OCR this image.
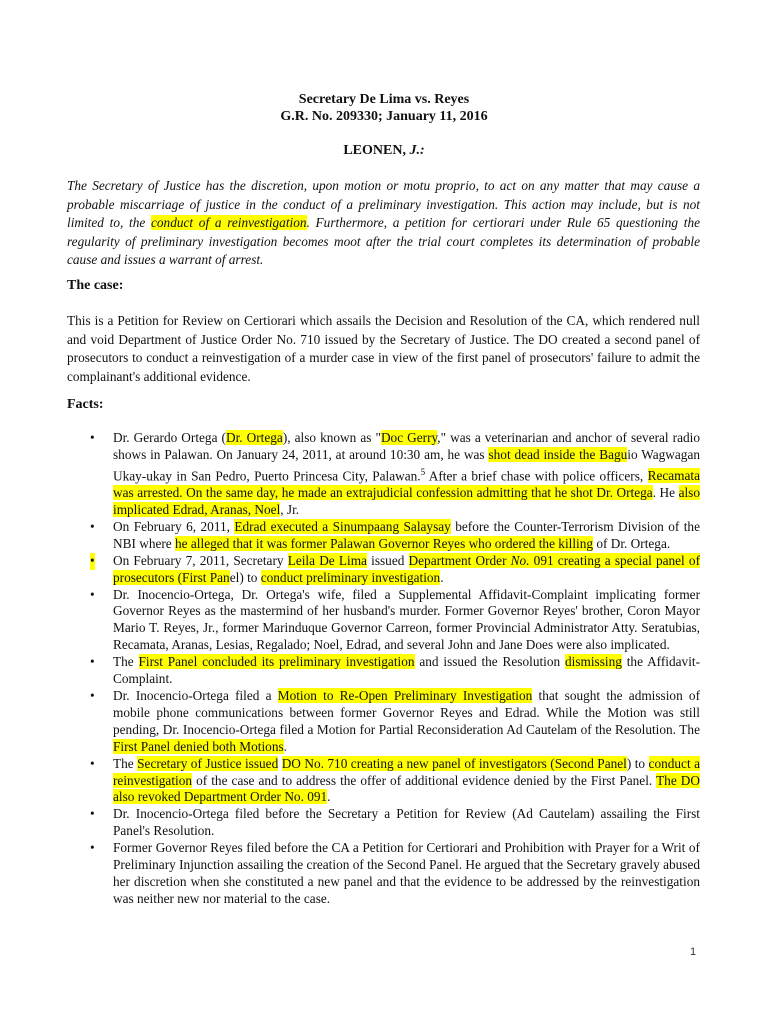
Secretary De Lima vs. Reyes
G.R. No. 209330; January 11, 2016
LEONEN, J.:

The Secretary of Justice has the discretion, upon motion or motu proprio, to act on any matter that may cause a probable miscarriage of justice in the conduct of a preliminary investigation. This action may include, but is not limited to, the conduct of a reinvestigation. Furthermore, a petition for certiorari under Rule 65 questioning the regularity of preliminary investigation becomes moot after the trial court completes its determination of probable cause and issues a warrant of arrest.

The case:

This is a Petition for Review on Certiorari which assails the Decision and Resolution of the CA, which rendered null and void Department of Justice Order No. 710 issued by the Secretary of Justice. The DO created a second panel of prosecutors to conduct a reinvestigation of a murder case in view of the first panel of prosecutors' failure to admit the complainant's additional evidence.

Facts:
• Dr. Gerardo Ortega (Dr. Ortega), also known as "Doc Gerry," was a veterinarian and anchor of several radio shows in Palawan. On January 24, 2011, at around 10:30 am, he was shot dead inside the Baguio Wagwagan Ukay-ukay in San Pedro, Puerto Princesa City, Palawan.$^5$ After a brief chase with police officers, Recamata was arrested. On the same day, he made an extrajudicial confession admitting that he shot Dr. Ortega. He also implicated Edrad, Aranas, Noel, Jr.
• On February 6, 2011, Edrad executed a Sinumpaang Salaysay before the Counter-Terrorism Division of the NBI where he alleged that it was former Palawan Governor Reyes who ordered the killing of Dr. Ortega.
• On February 7, 2011, Secretary Leila De Lima issued Department Order No. 091 creating a special panel of prosecutors (First Panel) to conduct preliminary investigation.
• Dr. Inocencio-Ortega, Dr. Ortega's wife, filed a Supplemental Affidavit-Complaint implicating former Governor Reyes as the mastermind of her husband's murder. Former Governor Reyes' brother, Coron Mayor Mario T. Reyes, Jr., former Marinduque Governor Carreon, former Provincial Administrator Atty. Seratubias, Recamata, Aranas, Lesias, Regalado; Noel, Edrad, and several John and Jane Does were also implicated.
• The First Panel concluded its preliminary investigation and issued the Resolution dismissing the Affidavit-Complaint.
• Dr. Inocencio-Ortega filed a Motion to Re-Open Preliminary Investigation that sought the admission of mobile phone communications between former Governor Reyes and Edrad. While the Motion was still pending, Dr. Inocencio-Ortega filed a Motion for Partial Reconsideration Ad Cautelam of the Resolution. The First Panel denied both Motions.
• The Secretary of Justice issued DO No. 710 creating a new panel of investigators (Second Panel) to conduct a reinvestigation of the case and to address the offer of additional evidence denied by the First Panel. The DO also revoked Department Order No. 091.
• Dr. Inocencio-Ortega filed before the Secretary a Petition for Review (Ad Cautelam) assailing the First Panel's Resolution.
• Former Governor Reyes filed before the CA a Petition for Certiorari and Prohibition with Prayer for a Writ of Preliminary Injunction assailing the creation of the Second Panel. He argued that the Secretary gravely abused her discretion when she constituted a new panel and that the evidence to be addressed by the reinvestigation was neither new nor material to the case.
1
